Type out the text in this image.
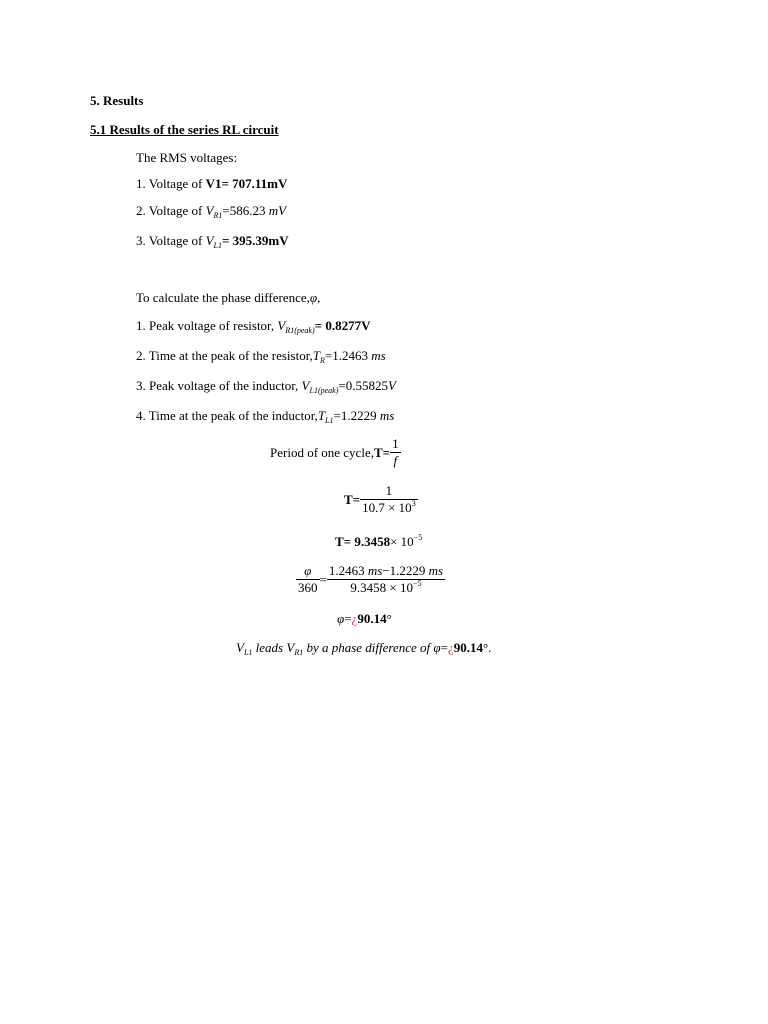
5. Results
5.1 Results of the series RL circuit
The RMS voltages:
1. Voltage of V1= 707.11mV
2. Voltage of $V_{R1}=586.23$ mV
3. Voltage of $V_{L1}= 395.39mV$
To calculate the phase difference,φ,
1. Peak voltage of resistor, $V_{R1(peak)}= 0.8277V$
2. Time at the peak of the $resistor,T_R=1.2463$ ms
3. Peak voltage of the inductor, $V_{L1(peak)}=0.55825V$
4. Time at the peak of the $inductor,T_{L1}=1.2229$ ms
Period of one cycle,T= $\frac{1}{f}$
$T= \frac{1}{10.7 \times 10^3}$
$T= 9.3458\times 10^{-5}$
$\frac{\varphi}{360} = \frac{1.2463 ms-1.2229 ms}{9.3458 \times 10^{-5}}$
φ=¿90.14°
$V_{L1}$ leads $V_{R1}$ by a phase difference of φ=¿90.14°.
